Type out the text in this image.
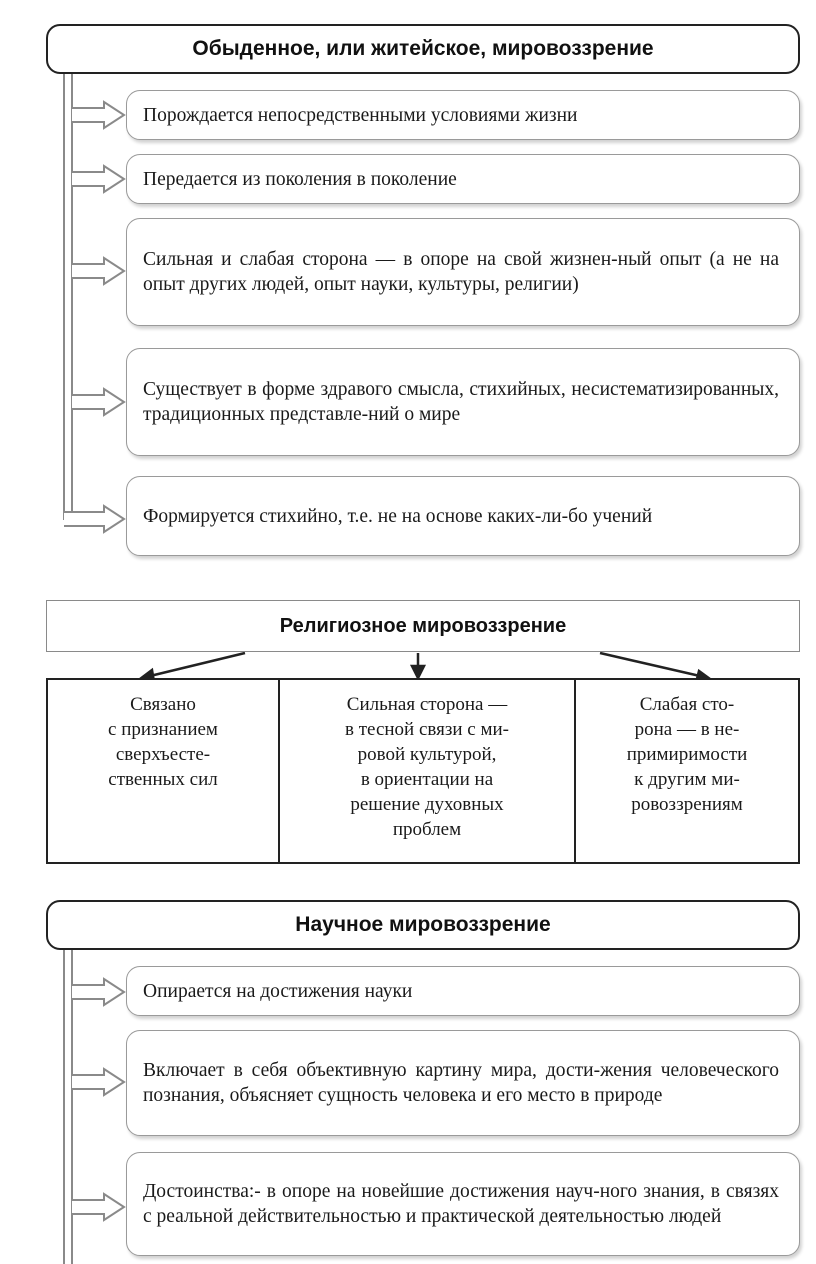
Обыденное, или житейское, мировоззрение
Порождается непосредственными условиями жизни
Передается из поколения в поколение
Сильная и слабая сторона — в опоре на свой жизнен-ный опыт (а не на опыт других людей, опыт науки, культуры, религии)
Существует в форме здравого смысла, стихийных, несистематизированных, традиционных представле-ний о мире
Формируется стихийно, т.е. не на основе каких-ли-бо учений
Религиозное мировоззрение
Связано
с признанием
сверхъесте-
ственных сил
Сильная сторона —
в тесной связи с ми-
ровой культурой,
в ориентации на
решение духовных
проблем
Слабая сто-
рона — в не-
примиримости
к другим ми-
ровоззрениям
Научное мировоззрение
Опирается на достижения науки
Включает в себя объективную картину мира, дости-жения человеческого познания, объясняет сущность человека и его место в природе
Достоинства:- в опоре на новейшие достижения науч-ного знания, в связях с реальной действительностью и практической деятельностью людей
